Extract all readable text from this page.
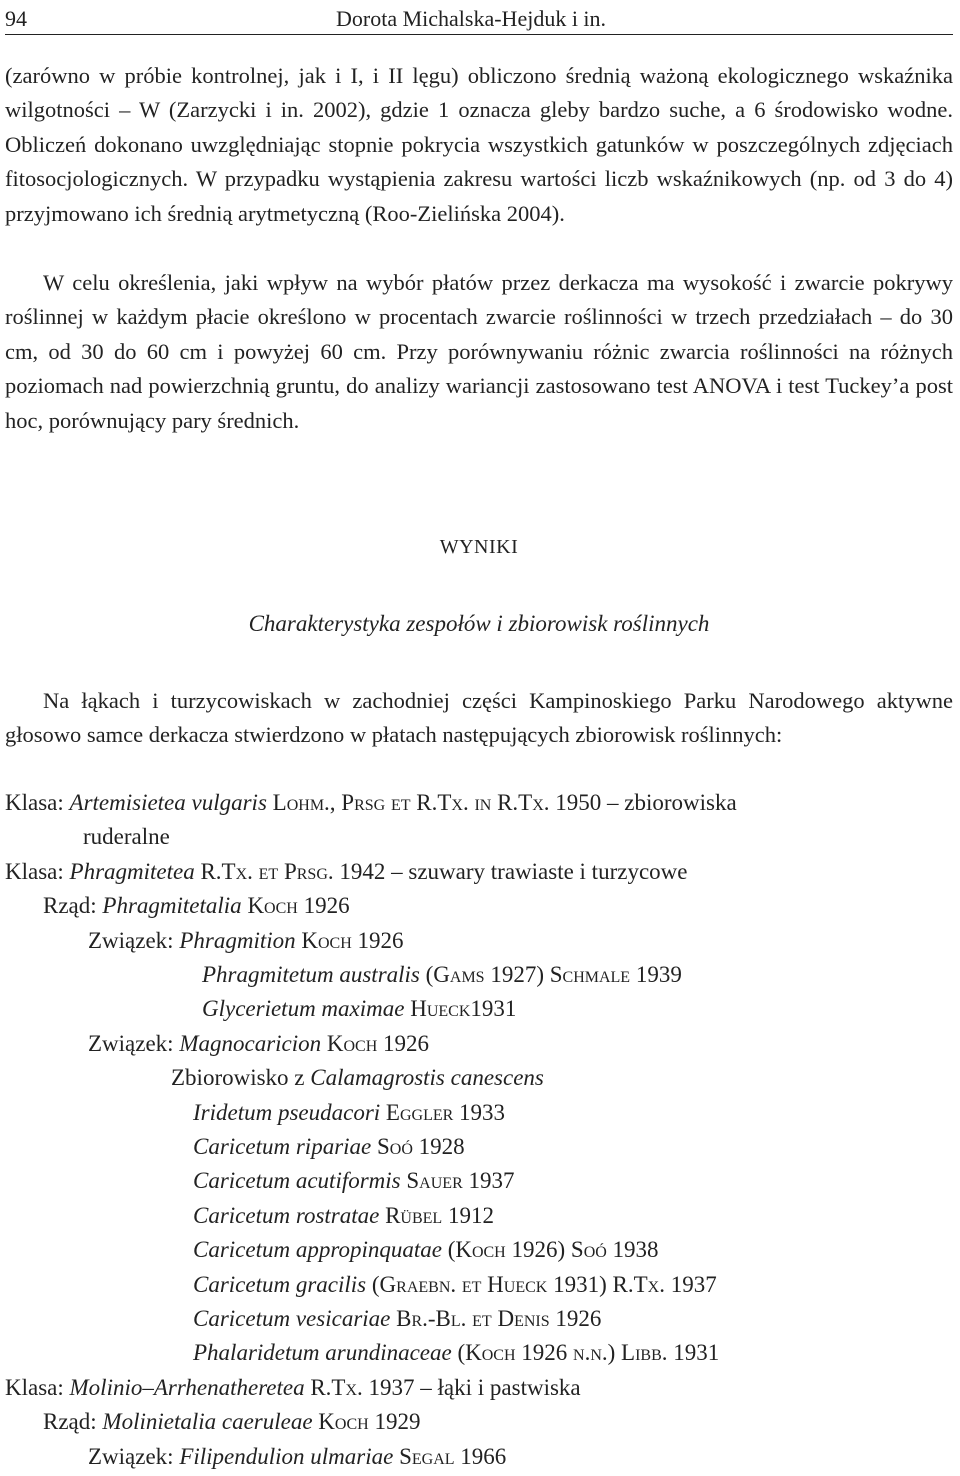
94	Dorota Michalska-Hejduk i in.

(zarówno w próbie kontrolnej, jak i I, i II lęgu) obliczono średnią ważoną ekologicznego wskaźnika wilgotności – W (Zarzycki i in. 2002), gdzie 1 oznacza gleby bardzo suche, a 6 środowisko wodne. Obliczeń dokonano uwzględniając stopnie pokrycia wszystkich gatunków w poszczególnych zdjęciach fitosocjologicznych. W przypadku wystąpienia zakresu wartości liczb wskaźnikowych (np. od 3 do 4) przyjmowano ich średnią arytmetyczną (Roo-Zielińska 2004).

W celu określenia, jaki wpływ na wybór płatów przez derkacza ma wysokość i zwarcie pokrywy roślinnej w każdym płacie określono w procentach zwarcie roślinności w trzech przedziałach – do 30 cm, od 30 do 60 cm i powyżej 60 cm. Przy porównywaniu różnic zwarcia roślinności na różnych poziomach nad powierzchnią gruntu, do analizy wariancji zastosowano test ANOVA i test Tuckey’a post hoc, porównujący pary średnich.

WYNIKI
Charakterystyka zespołów i zbiorowisk roślinnych

Na łąkach i turzycowiskach w zachodniej części Kampinoskiego Parku Narodowego aktywne głosowo samce derkacza stwierdzono w płatach następujących zbiorowisk roślinnych:

Klasa: Artemisietea vulgaris Lohm., Prsg et R.Tx. in R.Tx. 1950 – zbiorowiska
ruderalne
Klasa: Phragmitetea R.Tx. et Prsg. 1942 – szuwary trawiaste i turzycowe
Rząd: Phragmitetalia Koch 1926
Związek: Phragmition Koch 1926
Phragmitetum australis (Gams 1927) Schmale 1939
Glycerietum maximae Hueck1931
Związek: Magnocaricion Koch 1926
Zbiorowisko z Calamagrostis canescens
Iridetum pseudacori Eggler 1933
Caricetum ripariae Soó 1928
Caricetum acutiformis Sauer 1937
Caricetum rostratae Rübel 1912
Caricetum appropinquatae (Koch 1926) Soó 1938
Caricetum gracilis (Graebn. et Hueck 1931) R.Tx. 1937
Caricetum vesicariae Br.-Bl. et Denis 1926
Phalaridetum arundinaceae (Koch 1926 n.n.) Libb. 1931
Klasa: Molinio–Arrhenatheretea R.Tx. 1937 – łąki i pastwiska
Rząd: Molinietalia caeruleae Koch 1929
Związek: Filipendulion ulmariae Segal 1966
